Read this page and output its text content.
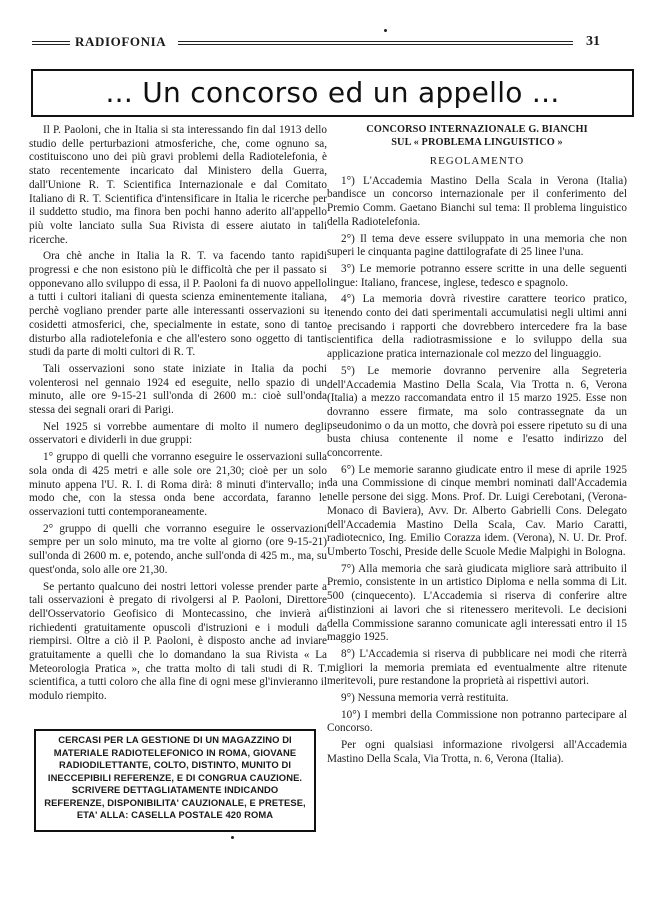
RADIOFONIA	31
... Un concorso ed un appello ...

Il P. Paoloni, che in Italia si sta interessando fin dal 1913 dello studio delle perturbazioni atmosferiche, che, come ognuno sa, costituiscono uno dei più gravi problemi della Radiotelefonia, è stato recentemente incaricato dal Ministero della Guerra, dall'Unione R. T. Scientifica Internazionale e dal Comitato Italiano di R. T. Scientifica d'intensificare in Italia le ricerche per il suddetto studio, ma finora ben pochi hanno aderito all'appello più volte lanciato sulla Sua Rivista di essere aiutato in tali ricerche.

Ora chè anche in Italia la R. T. va facendo tanto rapidi progressi e che non esistono più le difficoltà che per il passato si opponevano allo sviluppo di essa, il P. Paoloni fa di nuovo appello a tutti i cultori italiani di questa scienza eminentemente italiana, perchè vogliano prender parte alle interessanti osservazioni su i cosidetti atmosferici, che, specialmente in estate, sono di tanto disturbo alla radiotelefonia e che all'estero sono oggetto di tanti studi da parte di molti cultori di R. T.

Tali osservazioni sono state iniziate in Italia da pochi volenterosi nel gennaio 1924 ed eseguite, nello spazio di un minuto, alle ore 9-15-21 sull'onda di 2600 m.: cioè sull'onda stessa dei segnali orari di Parigi.

Nel 1925 si vorrebbe aumentare di molto il numero degli osservatori e dividerli in due gruppi:

1° gruppo di quelli che vorranno eseguire le osservazioni sulla sola onda di 425 metri e alle sole ore 21,30; cioè per un solo minuto appena l'U. R. I. di Roma dirà: 8 minuti d'intervallo; in modo che, con la stessa onda bene accordata, faranno le osservazioni tutti contemporaneamente.

2° gruppo di quelli che vorranno eseguire le osservazioni sempre per un solo minuto, ma tre volte al giorno (ore 9-15-21) sull'onda di 2600 m. e, potendo, anche sull'onda di 425 m., ma, su quest'onda, solo alle ore 21,30.

Se pertanto qualcuno dei nostri lettori volesse prender parte a tali osservazioni è pregato di rivolgersi al P. Paoloni, Direttore dell'Osservatorio Geofisico di Montecassino, che invierà ai richiedenti gratuitamente opuscoli d'istruzioni e i moduli da riempirsi. Oltre a ciò il P. Paoloni, è disposto anche ad inviare gratuitamente a quelli che lo domandano la sua Rivista « La Meteorologia Pratica », che tratta molto di tali studi di R. T. scientifica, a tutti coloro che alla fine di ogni mese gl'invieranno il modulo riempito.

CERCASI PER LA GESTIONE DI UN MAGAZZINO DI MATERIALE RADIOTELEFONICO IN ROMA, GIOVANE RADIODILETTANTE, COLTO, DISTINTO, MUNITO DI INECCEPIBILI REFERENZE, E DI CONGRUA CAUZIONE. SCRIVERE DETTAGLIATAMENTE INDICANDO REFERENZE, DISPONIBILITA' CAUZIONALE, E PRETESE, ETA' ALLA: CASELLA POSTALE 420 ROMA

CONCORSO INTERNAZIONALE G. BIANCHI
SUL « PROBLEMA LINGUISTICO »

REGOLAMENTO

1°) L'Accademia Mastino Della Scala in Verona (Italia) bandisce un concorso internazionale per il conferimento del Premio Comm. Gaetano Bianchi sul tema: Il problema linguistico della Radiotelefonia.

2°) Il tema deve essere sviluppato in una memoria che non superi le cinquanta pagine dattilografate di 25 linee l'una.

3°) Le memorie potranno essere scritte in una delle seguenti lingue: Italiano, francese, inglese, tedesco e spagnolo.

4°) La memoria dovrà rivestire carattere teorico pratico, tenendo conto dei dati sperimentali accumulatisi negli ultimi anni e precisando i rapporti che dovrebbero intercedere fra la base scientifica della radiotrasmissione e lo sviluppo della sua applicazione pratica internazionale col mezzo del linguaggio.

5°) Le memorie dovranno pervenire alla Segreteria dell'Accademia Mastino Della Scala, Via Trotta n. 6, Verona (Italia) a mezzo raccomandata entro il 15 marzo 1925. Esse non dovranno essere firmate, ma solo contrassegnate da un pseudonimo o da un motto, che dovrà poi essere ripetuto su di una busta chiusa contenente il nome e l'esatto indirizzo del concorrente.

6°) Le memorie saranno giudicate entro il mese di aprile 1925 da una Commissione di cinque membri nominati dall'Accademia nelle persone dei sigg. Mons. Prof. Dr. Luigi Cerebotani, (Verona-Monaco di Baviera), Avv. Dr. Alberto Gabrielli Cons. Delegato dell'Accademia Mastino Della Scala, Cav. Mario Caratti, radiotecnico, Ing. Emilio Corazza idem. (Verona), N. U. Dr. Prof. Umberto Toschi, Preside delle Scuole Medie Malpighi in Bologna.

7°) Alla memoria che sarà giudicata migliore sarà attribuito il Premio, consistente in un artistico Diploma e nella somma di Lit. 500 (cinquecento). L'Accademia si riserva di conferire altre distinzioni ai lavori che si ritenessero meritevoli. Le decisioni della Commissione saranno comunicate agli interessati entro il 15 maggio 1925.

8°) L'Accademia si riserva di pubblicare nei modi che riterrà migliori la memoria premiata ed eventualmente altre ritenute meritevoli, pure restandone la proprietà ai rispettivi autori.

9°) Nessuna memoria verrà restituita.

10°) I membri della Commissione non potranno partecipare al Concorso.

Per ogni qualsiasi informazione rivolgersi all'Accademia Mastino Della Scala, Via Trotta, n. 6, Verona (Italia).
